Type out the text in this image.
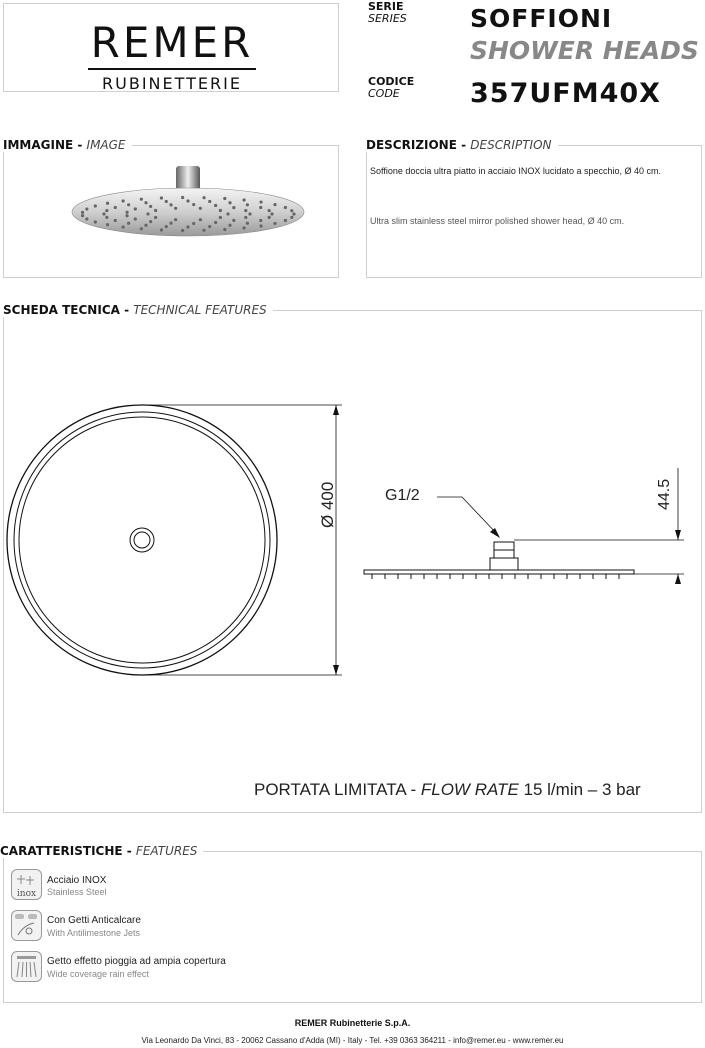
REMER
RUBINETTERIE
SERIE
SERIES	SOFFIONI
SHOWER HEADS
CODICE
CODE	357UFM40X
IMMAGINE - IMAGE	DESCRIZIONE - DESCRIPTION
Soffione doccia ultra piatto in acciaio INOX lucidato a specchio, Ø 40 cm.
Ultra slim stainless steel mirror polished shower head, Ø 40 cm.
SCHEDA TECNICA - TECHNICAL FEATURES
Ø 400	G1/2	44.5
PORTATA LIMITATA - FLOW RATE 15 l/min – 3 bar
CARATTERISTICHE - FEATURES
inox
Acciaio INOX
Stainless Steel
Con Getti Anticalcare
With Antilimestone Jets
Getto effetto pioggia ad ampia copertura
Wide coverage rain effect
REMER Rubinetterie S.p.A.
Via Leonardo Da Vinci, 83 - 20062 Cassano d'Adda (MI) - Italy - Tel. +39 0363 364211 - info@remer.eu - www.remer.eu
